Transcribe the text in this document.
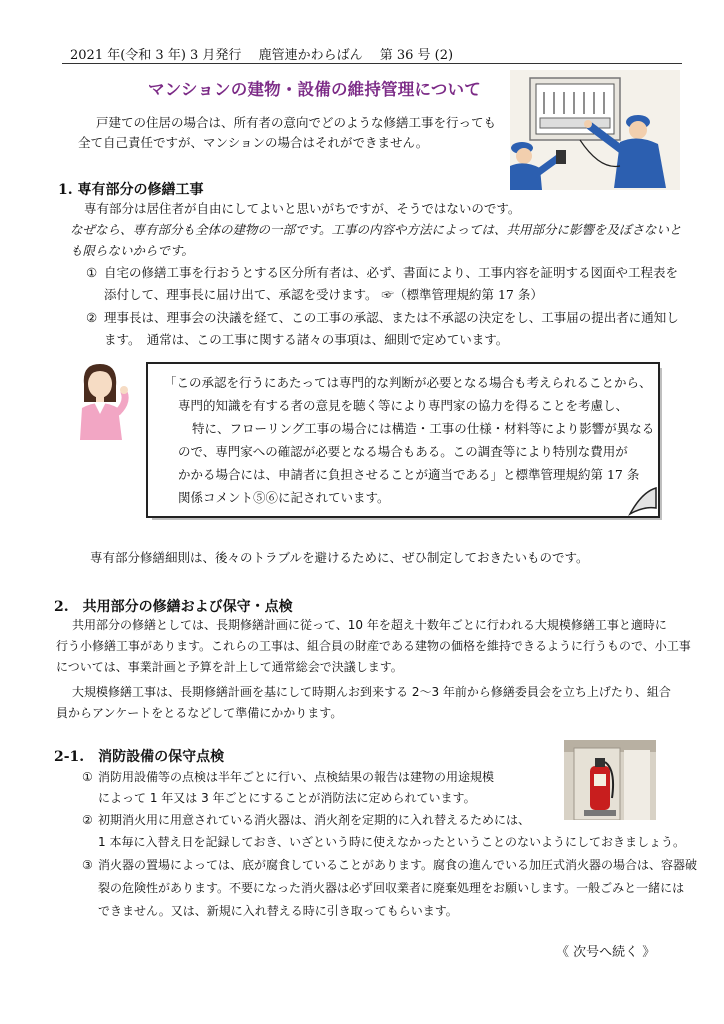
2021 年(令和 3 年) 3 月発行　 鹿管連かわらばん　 第 36 号 (2)
マンションの建物・設備の維持管理について
戸建ての住居の場合は、所有者の意向でどのような修繕工事を行っても
全て自己責任ですが、マンションの場合はそれができません。
1. 専有部分の修繕工事
専有部分は居住者が自由にしてよいと思いがちですが、そうではないのです。
なぜなら、専有部分も全体の建物の一部です。工事の内容や方法によっては、共用部分に影響を及ぼさないと
も限らないからです。
① 自宅の修繕工事を行おうとする区分所有者は、必ず、書面により、工事内容を証明する図面や工程表を
添付して、理事長に届け出て、承認を受けます。 ☞（標準管理規約第 17 条）
② 理事長は、理事会の決議を経て、この工事の承認、または不承認の決定をし、工事届の提出者に通知し
ます。　通常は、この工事に関する諸々の事項は、細則で定めています。
「この承認を行うにあたっては専門的な判断が必要となる場合も考えられることから、
専門的知識を有する者の意見を聴く等により専門家の協力を得ることを考慮し、
特に、フローリング工事の場合には構造・工事の仕様・材料等により影響が異なる
ので、専門家への確認が必要となる場合もある。この調査等により特別な費用が
かかる場合には、申請者に負担させることが適当である」と標準管理規約第 17 条
関係コメント⑤⑥に記されています。
専有部分修繕細則は、後々のトラブルを避けるために、ぜひ制定しておきたいものです。
2.　共用部分の修繕および保守・点検
共用部分の修繕としては、長期修繕計画に従って、10 年を超え十数年ごとに行われる大規模修繕工事と適時に
行う小修繕工事があります。これらの工事は、組合員の財産である建物の価格を維持できるように行うもので、小工事
については、事業計画と予算を計上して通常総会で決議します。
大規模修繕工事は、長期修繕計画を基にして時期んお到来する 2～3 年前から修繕委員会を立ち上げたり、組合
員からアンケートをとるなどして準備にかかります。
2-1.　消防設備の保守点検
① 消防用設備等の点検は半年ごとに行い、点検結果の報告は建物の用途規模
によって 1 年又は 3 年ごとにすることが消防法に定められています。
② 初期消火用に用意されている消火器は、消火剤を定期的に入れ替えるためには、
1 本毎に入替え日を記録しておき、いざという時に使えなかったということのないようにしておきましょう。
③ 消火器の置場によっては、底が腐食していることがあります。腐食の進んでいる加圧式消火器の場合は、容器破
裂の危険性があります。不要になった消火器は必ず回収業者に廃棄処理をお願いします。一般ごみと一緒には
できません。又は、新規に入れ替える時に引き取ってもらいます。
《 次号へ続く 》
